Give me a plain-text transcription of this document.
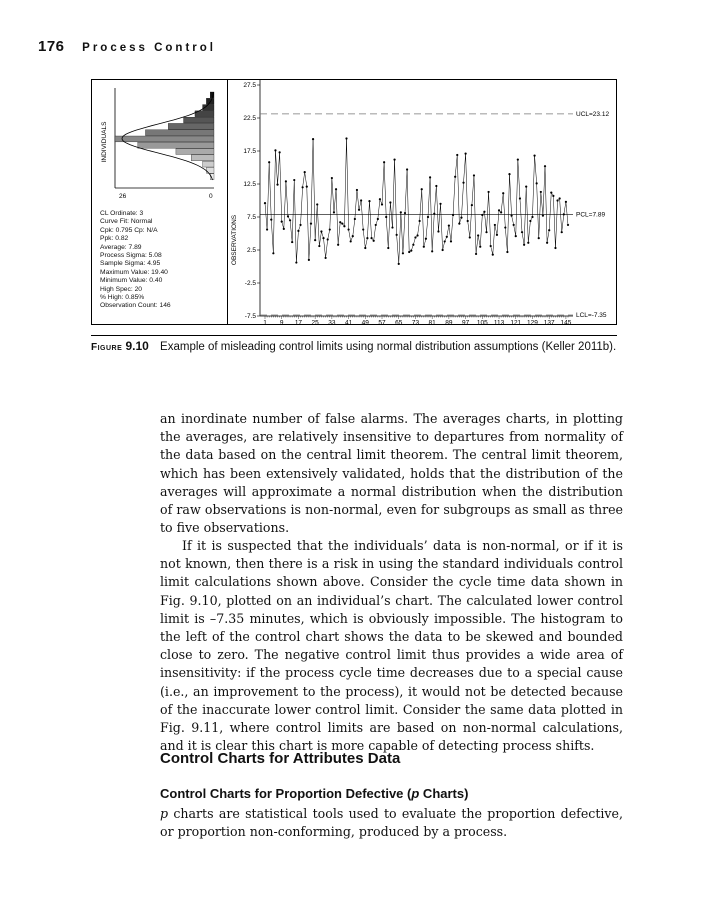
176 Process Control
INDIVIDUALS
26	0
CL Ordinate: 3
Curve Fit: Normal
Cpk: 0.795 Cp: N/A
Ppk: 0.82
Average: 7.89
Process Sigma: 5.08
Sample Sigma: 4.95
Maximum Value: 19.40
Minimum Value: 0.40
High Spec: 20
% High: 0.85%
Observation Count: 146
OBSERVATIONS
27.5
22.5
17.5
12.5
7.5
2.5
-2.5
-7.5
1 9 17 25 33 41 49 57 65 73 81 89 97 105 113 121 129 137 145
UCL=23.12
PCL=7.89
LCL=-7.35
Figure 9.10 Example of misleading control limits using normal distribution assumptions (Keller 2011b).
an inordinate number of false alarms. The averages charts, in plotting the averages, are relatively insensitive to departures from normality of the data based on the central limit theorem. The central limit theorem, which has been extensively validated, holds that the distribution of the averages will approximate a normal distribution when the distribution of raw observations is non-normal, even for subgroups as small as three to five observations.
If it is suspected that the individuals’ data is non-normal, or if it is not known, then there is a risk in using the standard individuals control limit calculations shown above. Consider the cycle time data shown in Fig. 9.10, plotted on an individual’s chart. The calculated lower control limit is –7.35 minutes, which is obviously impossible. The histogram to the left of the control chart shows the data to be skewed and bounded close to zero. The negative control limit thus provides a wide area of insensitivity: if the process cycle time decreases due to a special cause (i.e., an improvement to the process), it would not be detected because of the inaccurate lower control limit. Consider the same data plotted in Fig. 9.11, where control limits are based on non-normal calculations, and it is clear this chart is more capable of detecting process shifts.
Control Charts for Attributes Data
Control Charts for Proportion Defective (p Charts)
p charts are statistical tools used to evaluate the proportion defective, or proportion non-conforming, produced by a process.
